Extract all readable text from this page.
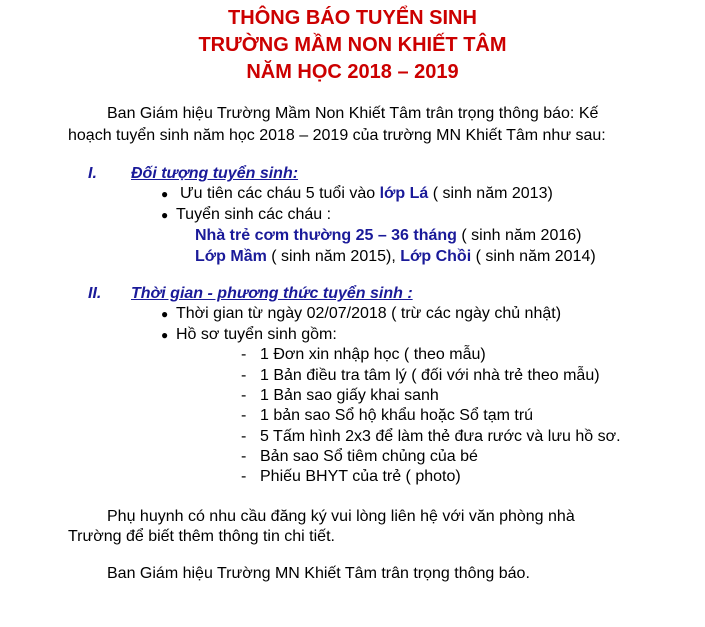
THÔNG BÁO TUYỂN SINH
TRƯỜNG MẦM NON KHIẾT TÂM
NĂM HỌC 2018 – 2019
Ban Giám hiệu Trường Mầm Non Khiết Tâm trân trọng thông báo: Kế
hoạch tuyển sinh năm học 2018 – 2019 của trường MN Khiết Tâm như sau:
I. Đối tượng tuyển sinh:
● Ưu tiên các cháu 5 tuổi vào lớp Lá ( sinh năm 2013)
● Tuyển sinh các cháu :
Nhà trẻ cơm thường 25 – 36 tháng ( sinh năm 2016)
Lớp Mầm ( sinh năm 2015), Lớp Chồi ( sinh năm 2014)
II. Thời gian - phương thức tuyển sinh :
● Thời gian từ ngày 02/07/2018 ( trừ các ngày chủ nhật)
● Hồ sơ tuyển sinh gồm:
- 1 Đơn xin nhập học ( theo mẫu)
- 1 Bản điều tra tâm lý ( đối với nhà trẻ theo mẫu)
- 1 Bản sao giấy khai sanh
- 1 bản sao Sổ hộ khẩu hoặc Sổ tạm trú
- 5 Tấm hình 2x3 để làm thẻ đưa rước và lưu hồ sơ.
- Bản sao Sổ tiêm chủng của bé
- Phiếu BHYT của trẻ ( photo)
Phụ huynh có nhu cầu đăng ký vui lòng liên hệ với văn phòng nhà
Trường để biết thêm thông tin chi tiết.
Ban Giám hiệu Trường MN Khiết Tâm trân trọng thông báo.
